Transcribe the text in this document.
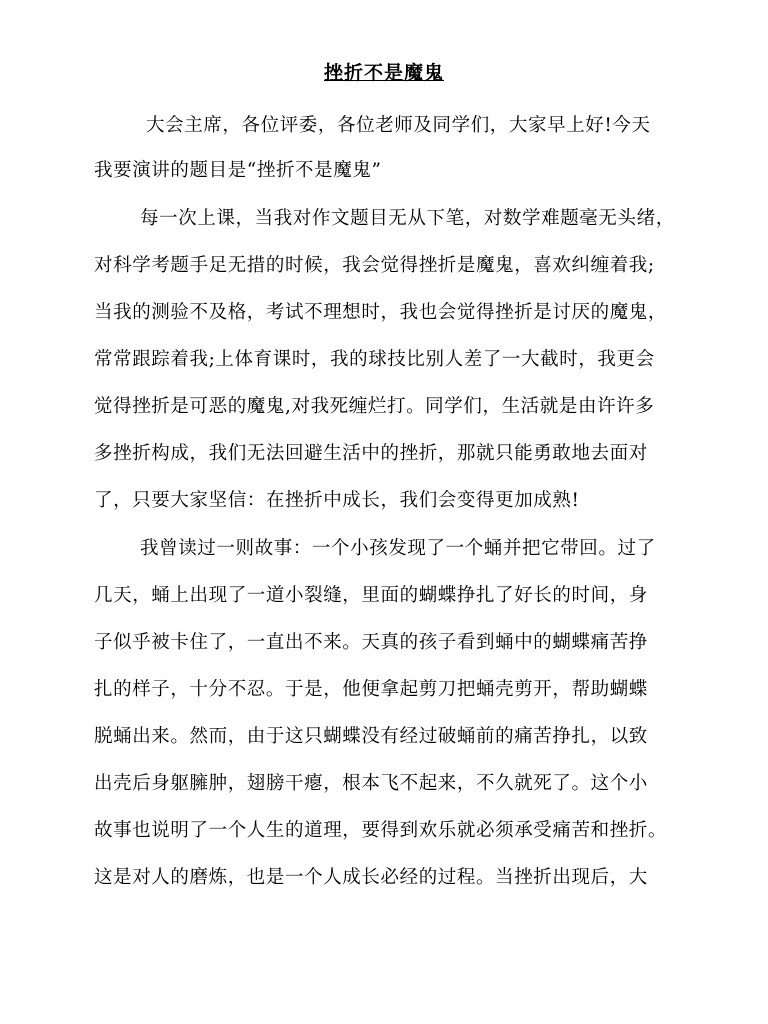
挫折不是魔鬼

大会主席，各位评委，各位老师及同学们，大家早上好!今天

我要演讲的题目是“挫折不是魔鬼”

每一次上课，当我对作文题目无从下笔，对数学难题毫无头绪，

对科学考题手足无措的时候，我会觉得挫折是魔鬼，喜欢纠缠着我;

当我的测验不及格，考试不理想时，我也会觉得挫折是讨厌的魔鬼，

常常跟踪着我;上体育课时，我的球技比别人差了一大截时，我更会

觉得挫折是可恶的魔鬼,对我死缠烂打。同学们，生活就是由许许多

多挫折构成，我们无法回避生活中的挫折，那就只能勇敢地去面对

了，只要大家坚信：在挫折中成长，我们会变得更加成熟!

我曾读过一则故事：一个小孩发现了一个蛹并把它带回。过了

几天，蛹上出现了一道小裂缝，里面的蝴蝶挣扎了好长的时间，身

子似乎被卡住了，一直出不来。天真的孩子看到蛹中的蝴蝶痛苦挣

扎的样子，十分不忍。于是，他便拿起剪刀把蛹壳剪开，帮助蝴蝶

脱蛹出来。然而，由于这只蝴蝶没有经过破蛹前的痛苦挣扎，以致

出壳后身躯臃肿，翅膀干瘪，根本飞不起来，不久就死了。这个小

故事也说明了一个人生的道理，要得到欢乐就必须承受痛苦和挫折。

这是对人的磨炼，也是一个人成长必经的过程。当挫折出现后，大
